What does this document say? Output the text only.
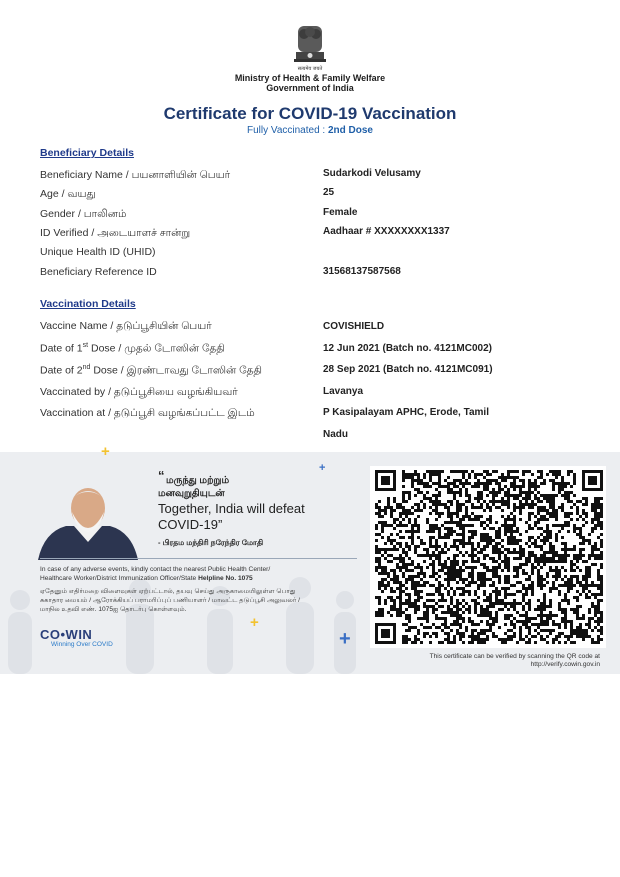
सत्यमेव जयते
Ministry of Health & Family Welfare
Government of India
Certificate for COVID-19 Vaccination
Fully Vaccinated : 2nd Dose
Beneficiary Details
Beneficiary Name / பயனாளியின் பெயர்	Sudarkodi Velusamy
Age / வயது	25
Gender / பாலினம்	Female
ID Verified / அடையாளச் சான்று	Aadhaar # XXXXXXXX1337
Unique Health ID (UHID)
Beneficiary Reference ID	31568137587568
Vaccination Details
Vaccine Name / தடுப்பூசியின் பெயர்	COVISHIELD
Date of 1st Dose / முதல் டோஸின் தேதி	12 Jun 2021 (Batch no. 4121MC002)
Date of 2nd Dose / இரண்டாவது டோஸின் தேதி	28 Sep 2021 (Batch no. 4121MC091)
Vaccinated by / தடுப்பூசியை வழங்கியவர்	Lavanya
Vaccination at / தடுப்பூசி வழங்கப்பட்ட இடம்	P Kasipalayam APHC, Erode, Tamil
Nadu
“ மருந்து மற்றும்
மனவுறுதியுடன்
Together, India will defeat
COVID-19”
- பிரதம மந்திரி நரேந்திர மோதி
In case of any adverse events, kindly contact the nearest Public Health Center/
Healthcare Worker/District Immunization Officer/State Helpline No. 1075
ஏதேனும் எதிர்மறை விளைவுகள் ஏற்பட்டால், தயவு செய்து அருகாமையிலுள்ள பொது
சுகாதார மையம் / ஆரோக்கியப் பராமரிப்புப் பணியாளர் / மாவட்ட தடுப்பூசி அலுவலர் /
மாநில உதவி எண். 1075ஐ தொடர்பு கொள்ளவும்.
CO•WIN
Winning Over COVID
+
+
+
+
This certificate can be verified by scanning the QR code at
http://verify.cowin.gov.in
